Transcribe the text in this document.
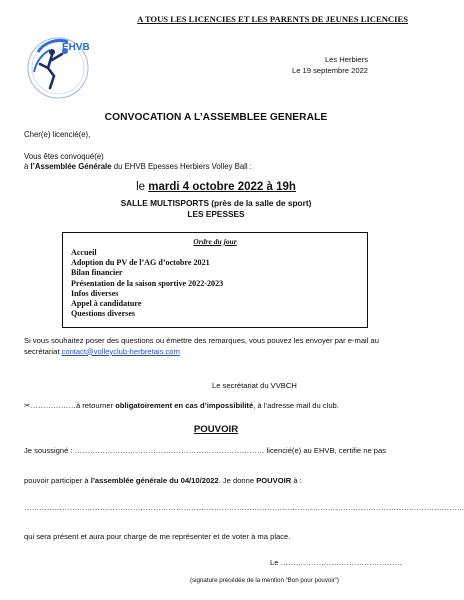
A TOUS LES LICENCIES ET LES PARENTS DE JEUNES LICENCIES
EHVB
Les Herbiers
Le 19 septembre 2022
CONVOCATION A L’ASSEMBLEE GENERALE
Cher(e) licencié(e),
Vous êtes convoqué(e)
à l’Assemblée Générale du EHVB Epesses Herbiers Volley Ball :
le mardi 4 octobre 2022 à 19h
SALLE MULTISPORTS (près de la salle de sport)
LES EPESSES
Ordre du jour
Accueil
Adoption du PV de l’AG d’octobre 2021
Bilan financier
Présentation de la saison sportive 2022-2023
Infos diverses
Appel à candidature
Questions diverses
Si vous souhaitez poser des questions ou émettre des remarques, vous pouvez les envoyer par e-mail au secrétariat contact@volleyclub-herbretais.com
Le secrétariat du VVBCH
✂………………à retourner obligatoirement en cas d’impossibilité, à l’adresse mail du club.
POUVOIR
Je soussigné : ………………………………………………………………… licencié(e) au EHVB, certifie ne pas
pouvoir participer à l’assemblée générale du 04/10/2022. Je donne POUVOIR à :
…………………………………………………………………………………………………………………………………………………………
qui sera présent et aura pour charge de me représenter et de voter à ma place.
Le …………………………………………
(signature précédée de la mention “Bon pour pouvoir”)
